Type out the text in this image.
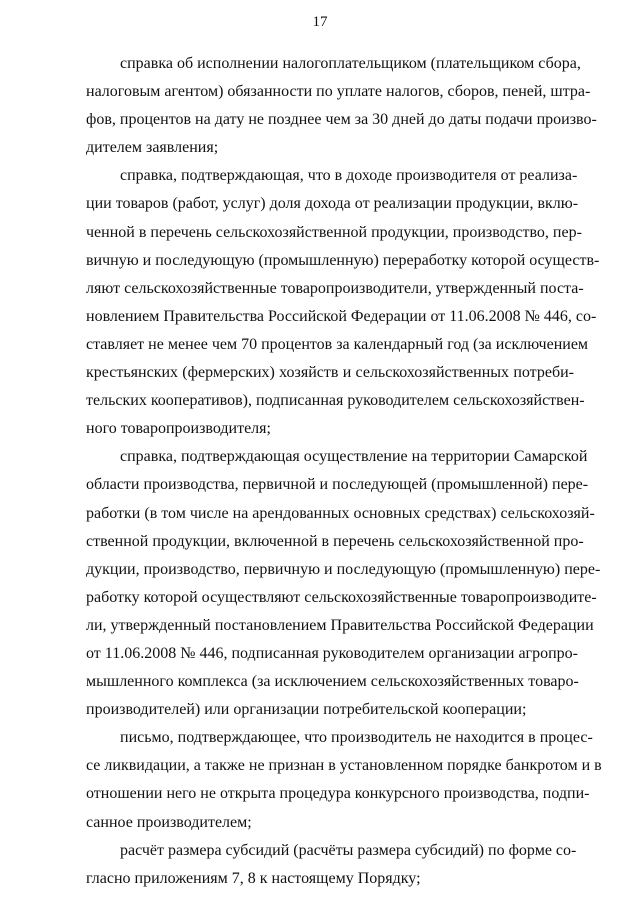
17
справка об исполнении налогоплательщиком (плательщиком сбора,
налоговым агентом) обязанности по уплате налогов, сборов, пеней, штра-
фов, процентов на дату не позднее чем за 30 дней до даты подачи произво-
дителем заявления;
справка, подтверждающая, что в доходе производителя от реализа-
ции товаров (работ, услуг) доля дохода от реализации продукции, вклю-
ченной в перечень сельскохозяйственной продукции, производство, пер-
вичную и последующую (промышленную) переработку которой осуществ-
ляют сельскохозяйственные товаропроизводители, утвержденный поста-
новлением Правительства Российской Федерации от 11.06.2008 № 446, со-
ставляет не менее чем 70 процентов за календарный год (за исключением
крестьянских (фермерских) хозяйств и сельскохозяйственных потреби-
тельских кооперативов), подписанная руководителем сельскохозяйствен-
ного товаропроизводителя;
справка, подтверждающая осуществление на территории Самарской
области производства, первичной и последующей (промышленной) пере-
работки (в том числе на арендованных основных средствах) сельскохозяй-
ственной продукции, включенной в перечень сельскохозяйственной про-
дукции, производство, первичную и последующую (промышленную) пере-
работку которой осуществляют сельскохозяйственные товаропроизводите-
ли, утвержденный постановлением Правительства Российской Федерации
от 11.06.2008 № 446, подписанная руководителем организации агропро-
мышленного комплекса (за исключением сельскохозяйственных товаро-
производителей) или организации потребительской кооперации;
письмо, подтверждающее, что производитель не находится в процес-
се ликвидации, а также не признан в установленном порядке банкротом и в
отношении него не открыта процедура конкурсного производства, подпи-
санное производителем;
расчёт размера субсидий (расчёты размера субсидий) по форме со-
гласно приложениям 7, 8 к настоящему Порядку;
